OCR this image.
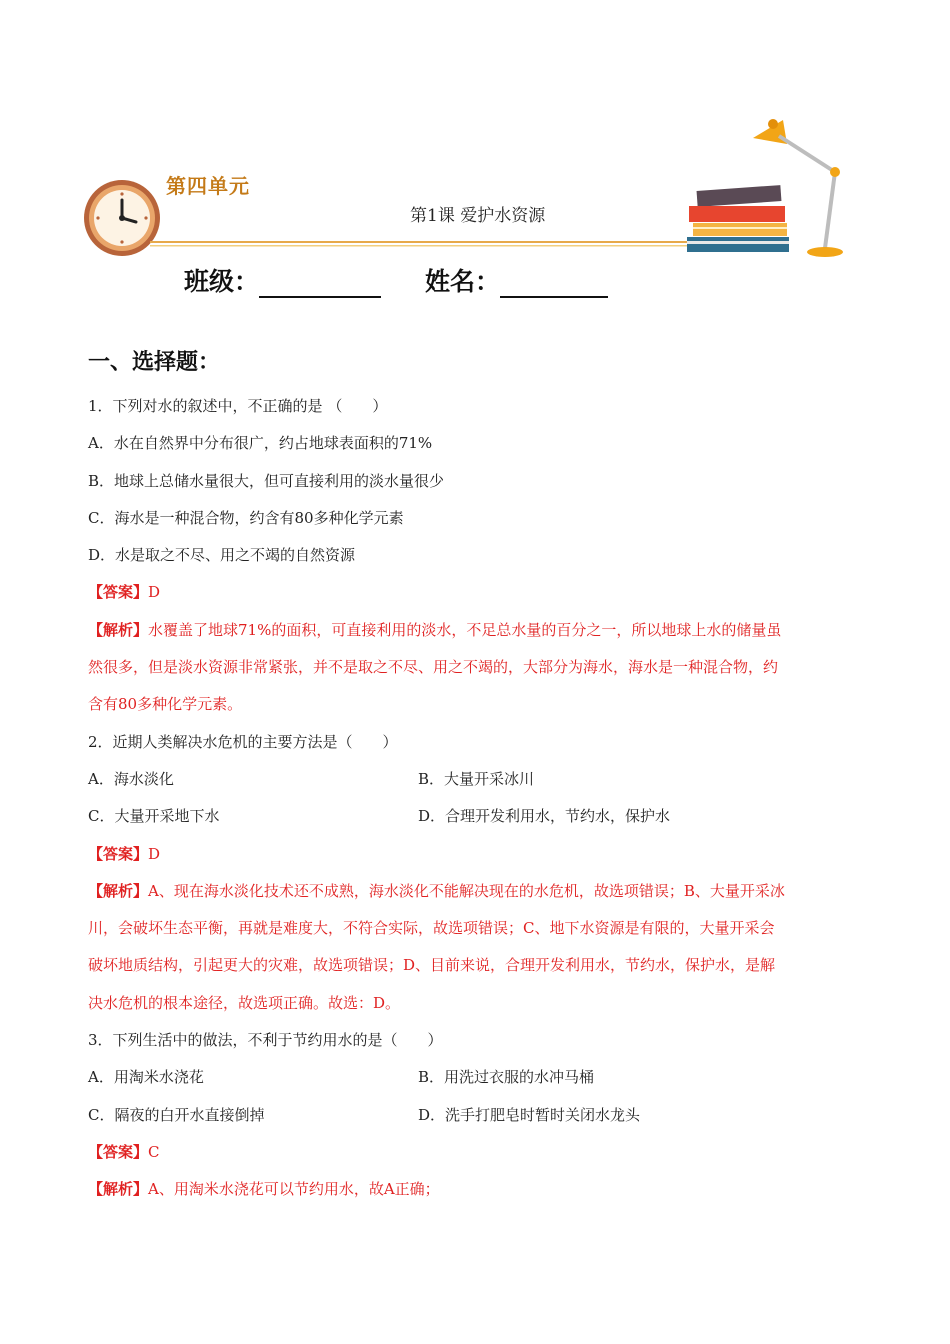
第四单元
第1课 爱护水资源
班级：	姓名：
一、选择题：
1．下列对水的叙述中，不正确的是 （　　）
A．水在自然界中分布很广，约占地球表面积的71%
B．地球上总储水量很大，但可直接利用的淡水量很少
C．海水是一种混合物，约含有80多种化学元素
D．水是取之不尽、用之不竭的自然资源
【答案】D
【解析】水覆盖了地球71%的面积，可直接利用的淡水，不足总水量的百分之一，所以地球上水的储量虽
然很多，但是淡水资源非常紧张，并不是取之不尽、用之不竭的，大部分为海水，海水是一种混合物，约
含有80多种化学元素。
2．近期人类解决水危机的主要方法是（　　）
A．海水淡化	B．大量开采冰川
C．大量开采地下水	D．合理开发利用水，节约水，保护水
【答案】D
【解析】A、现在海水淡化技术还不成熟，海水淡化不能解决现在的水危机，故选项错误；B、大量开采冰
川，会破坏生态平衡，再就是难度大，不符合实际，故选项错误；C、地下水资源是有限的，大量开采会
破坏地质结构，引起更大的灾难，故选项错误；D、目前来说，合理开发利用水，节约水，保护水，是解
决水危机的根本途径，故选项正确。故选：D。
3．下列生活中的做法，不利于节约用水的是（　　）
A．用淘米水浇花	B．用洗过衣服的水冲马桶
C．隔夜的白开水直接倒掉	D．洗手打肥皂时暂时关闭水龙头
【答案】C
【解析】A、用淘米水浇花可以节约用水，故A正确；
